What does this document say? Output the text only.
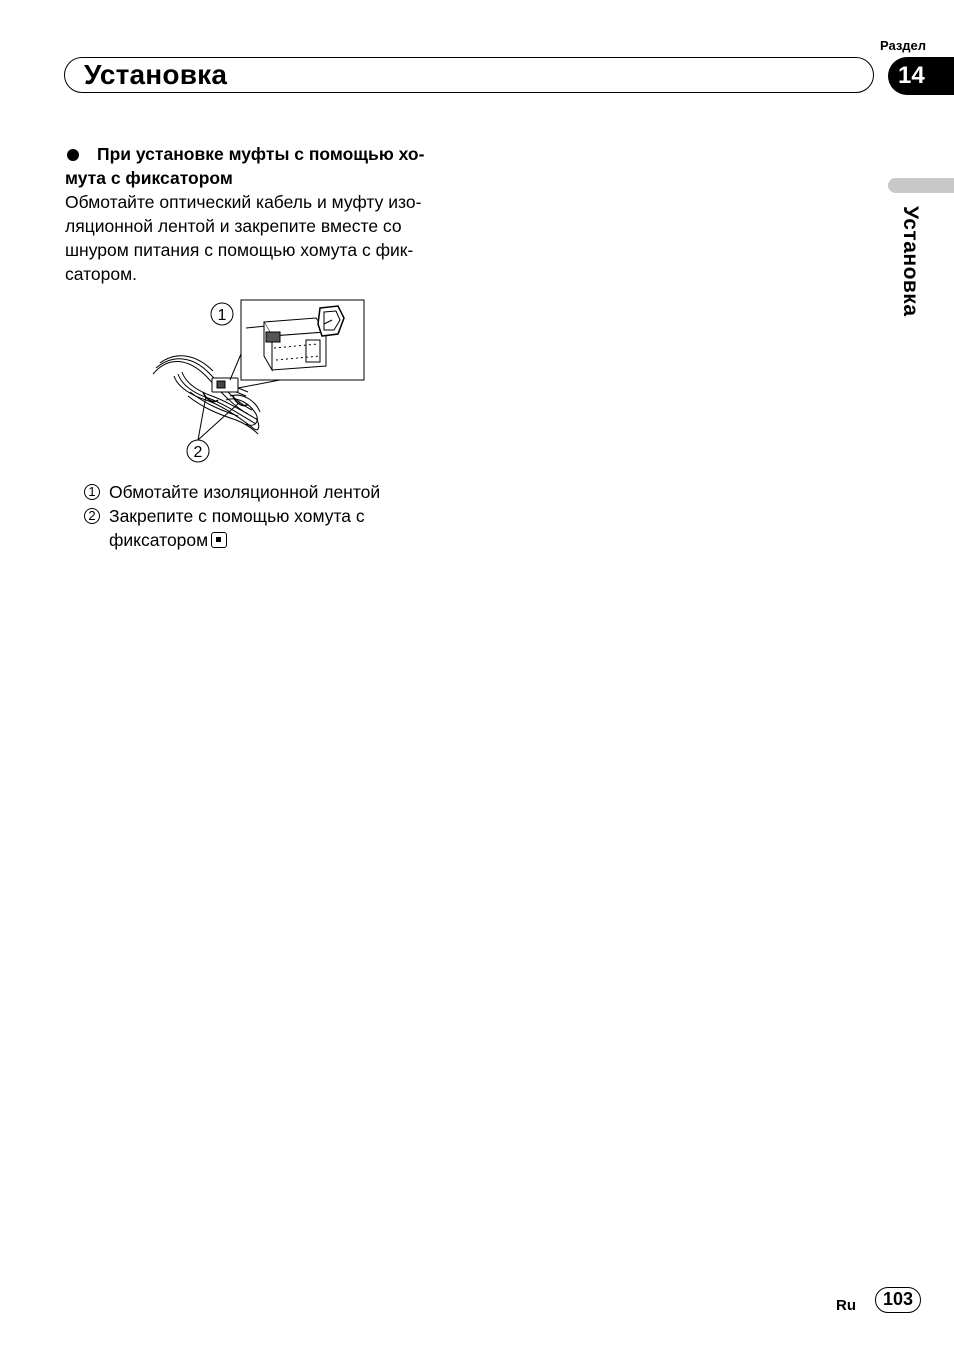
Установка
Раздел
14
Установка
При установке муфты с помощью хо-
мута с фиксатором
Обмотайте оптический кабель и муфту изо-
ляционной лентой и закрепите вместе со
шнуром питания с помощью хомута с фик-
сатором.
1
2
1 Обмотайте изоляционной лентой
2 Закрепите с помощью хомута с
фиксатором
Ru	103
